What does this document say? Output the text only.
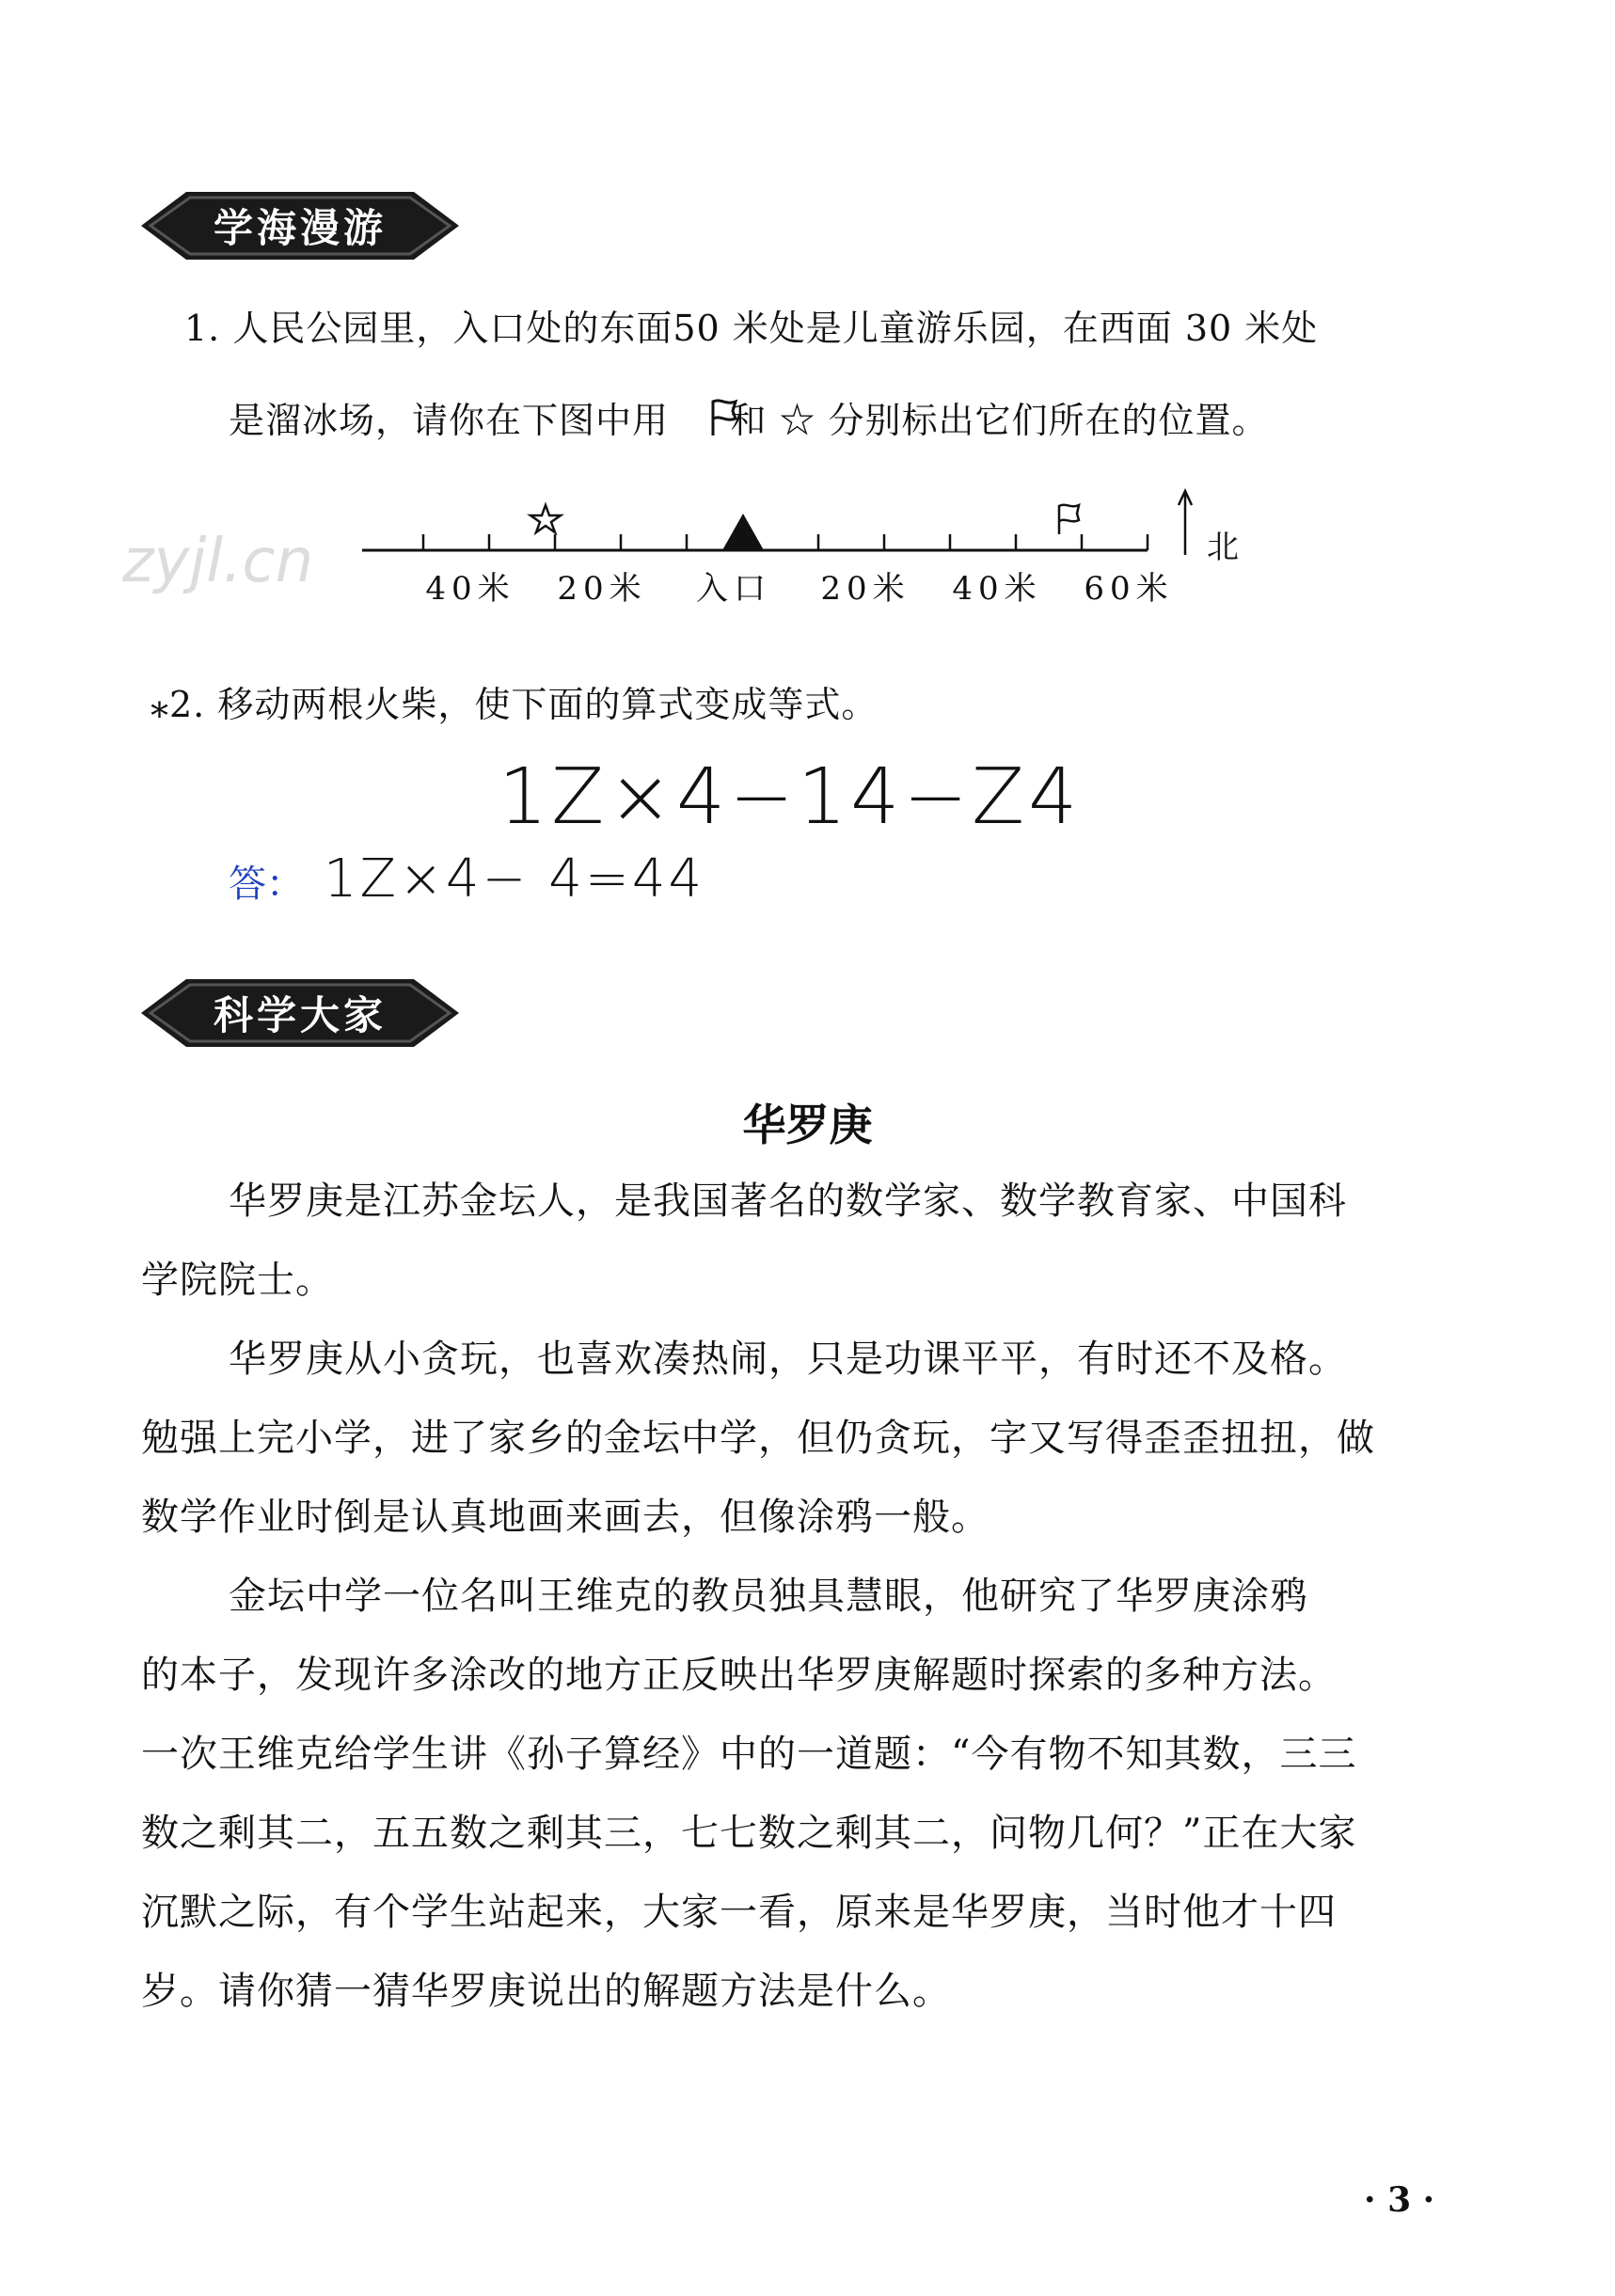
学海漫游
1. 人民公园里，入口处的东面50 米处是儿童游乐园，在西面 30 米处
是溜冰场，请你在下图中用     和 ☆ 分别标出它们所在的位置。
北
40米 20米 入口 20米 40米 60米
zyjl.cn
⁎2. 移动两根火柴，使下面的算式变成等式。
1Z×4−14−Z4
答： 1Z×4− 4=44
科学大家
华罗庚
华罗庚是江苏金坛人，是我国著名的数学家、数学教育家、中国科
学院院士。
华罗庚从小贪玩，也喜欢凑热闹，只是功课平平，有时还不及格。
勉强上完小学，进了家乡的金坛中学，但仍贪玩，字又写得歪歪扭扭，做
数学作业时倒是认真地画来画去，但像涂鸦一般。
金坛中学一位名叫王维克的教员独具慧眼，他研究了华罗庚涂鸦
的本子，发现许多涂改的地方正反映出华罗庚解题时探索的多种方法。
一次王维克给学生讲《孙子算经》中的一道题：“今有物不知其数，三三
数之剩其二，五五数之剩其三，七七数之剩其二，问物几何？”正在大家
沉默之际，有个学生站起来，大家一看，原来是华罗庚，当时他才十四
岁。请你猜一猜华罗庚说出的解题方法是什么。
· 3 ·
